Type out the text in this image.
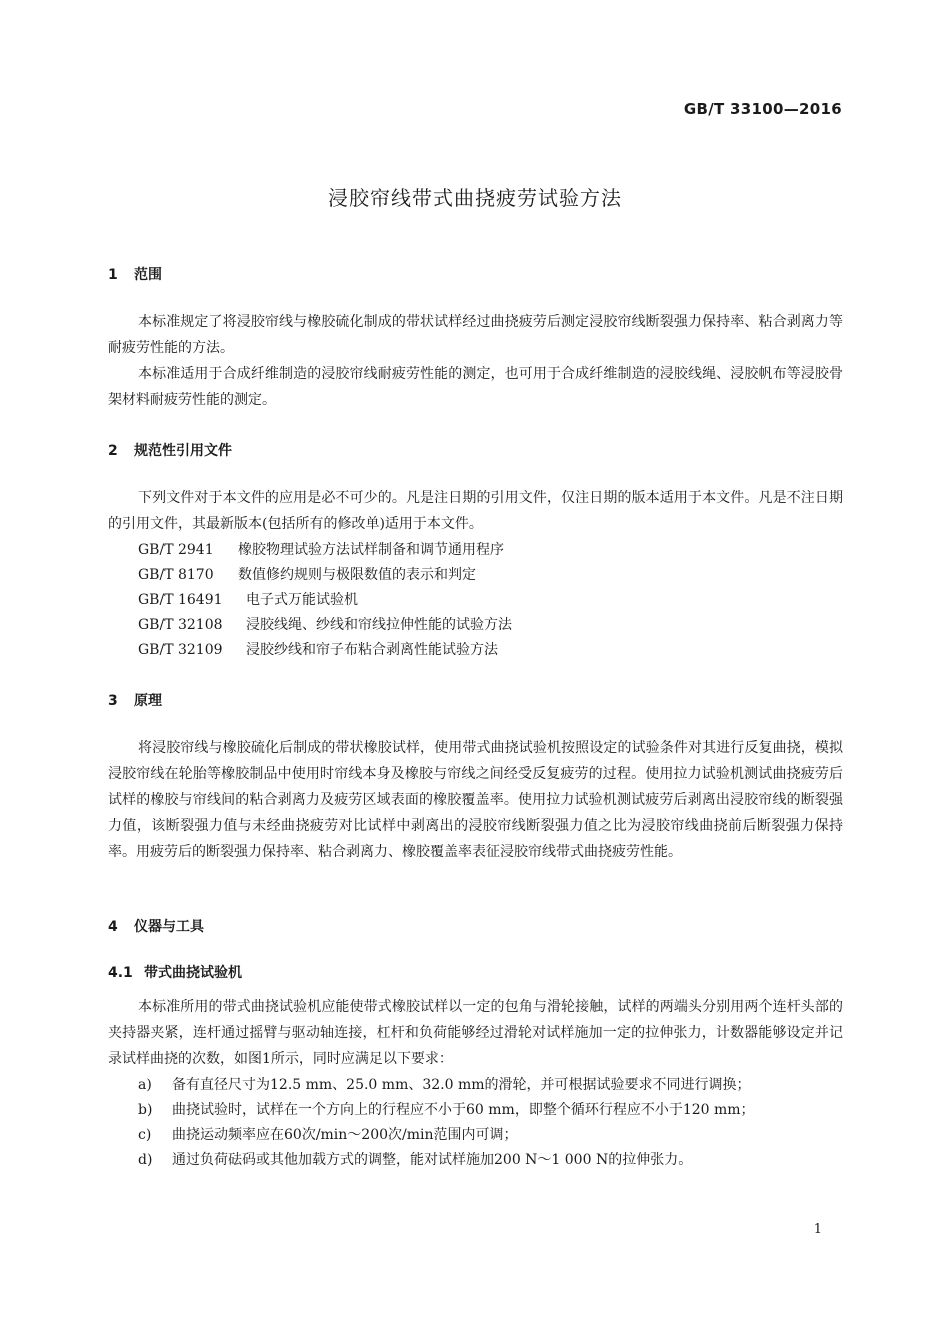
GB/T 33100—2016
浸胶帘线带式曲挠疲劳试验方法
1 范围
本标准规定了将浸胶帘线与橡胶硫化制成的带状试样经过曲挠疲劳后测定浸胶帘线断裂强力保持率、粘合剥离力等耐疲劳性能的方法。
本标准适用于合成纤维制造的浸胶帘线耐疲劳性能的测定，也可用于合成纤维制造的浸胶线绳、浸胶帆布等浸胶骨架材料耐疲劳性能的测定。
2 规范性引用文件
下列文件对于本文件的应用是必不可少的。凡是注日期的引用文件，仅注日期的版本适用于本文件。凡是不注日期的引用文件，其最新版本(包括所有的修改单)适用于本文件。
GB/T 2941 橡胶物理试验方法试样制备和调节通用程序
GB/T 8170 数值修约规则与极限数值的表示和判定
GB/T 16491 电子式万能试验机
GB/T 32108 浸胶线绳、纱线和帘线拉伸性能的试验方法
GB/T 32109 浸胶纱线和帘子布粘合剥离性能试验方法
3 原理
将浸胶帘线与橡胶硫化后制成的带状橡胶试样，使用带式曲挠试验机按照设定的试验条件对其进行反复曲挠，模拟浸胶帘线在轮胎等橡胶制品中使用时帘线本身及橡胶与帘线之间经受反复疲劳的过程。使用拉力试验机测试曲挠疲劳后试样的橡胶与帘线间的粘合剥离力及疲劳区域表面的橡胶覆盖率。使用拉力试验机测试疲劳后剥离出浸胶帘线的断裂强力值，该断裂强力值与未经曲挠疲劳对比试样中剥离出的浸胶帘线断裂强力值之比为浸胶帘线曲挠前后断裂强力保持率。用疲劳后的断裂强力保持率、粘合剥离力、橡胶覆盖率表征浸胶帘线带式曲挠疲劳性能。
4 仪器与工具
4.1 带式曲挠试验机
本标准所用的带式曲挠试验机应能使带式橡胶试样以一定的包角与滑轮接触，试样的两端头分别用两个连杆头部的夹持器夹紧，连杆通过摇臂与驱动轴连接，杠杆和负荷能够经过滑轮对试样施加一定的拉伸张力，计数器能够设定并记录试样曲挠的次数，如图1所示，同时应满足以下要求：
a) 备有直径尺寸为12.5 mm、25.0 mm、32.0 mm的滑轮，并可根据试验要求不同进行调换；
b) 曲挠试验时，试样在一个方向上的行程应不小于60 mm，即整个循环行程应不小于120 mm；
c) 曲挠运动频率应在60次/min～200次/min范围内可调；
d) 通过负荷砝码或其他加载方式的调整，能对试样施加200 N～1 000 N的拉伸张力。
1
